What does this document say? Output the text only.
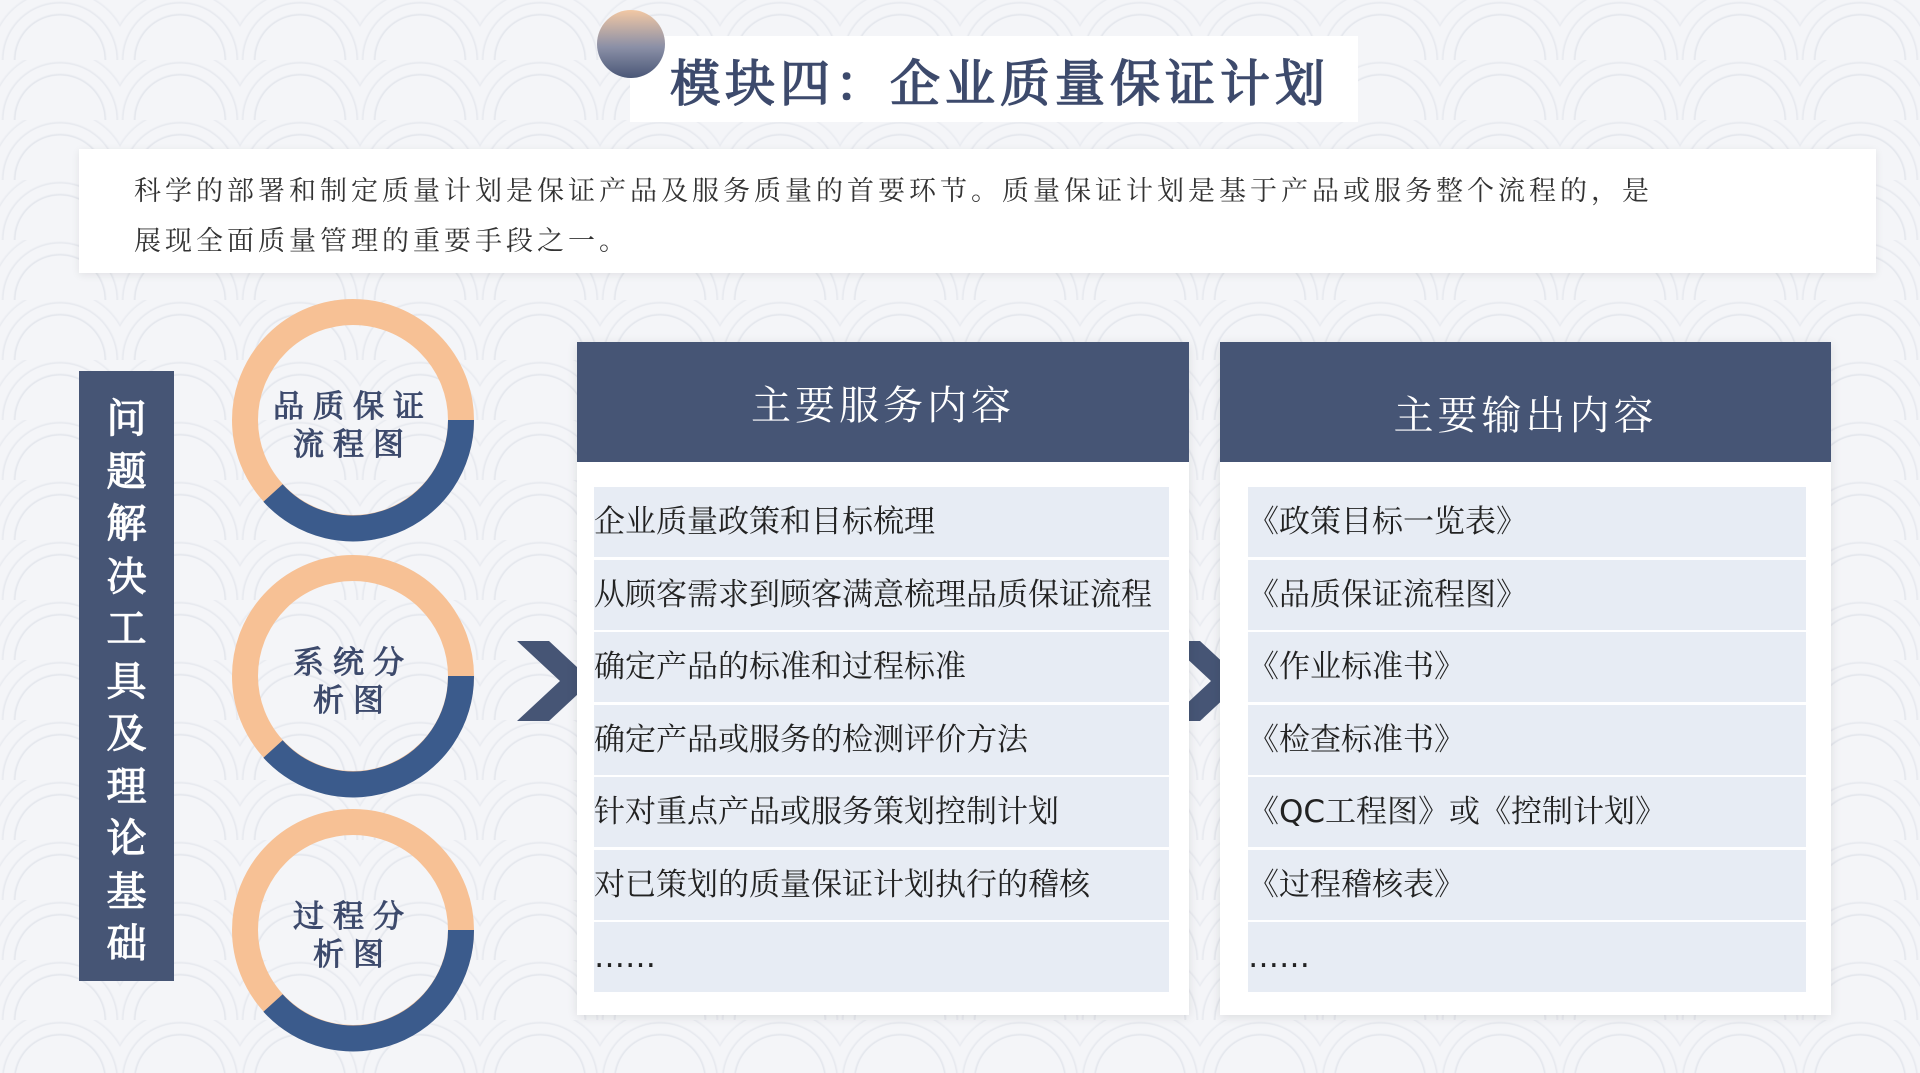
模块四：企业质量保证计划
科学的部署和制定质量计划是保证产品及服务质量的首要环节。质量保证计划是基于产品或服务整个流程的，是
展现全面质量管理的重要手段之一。
问
题
解
决
工
具
及
理
论
基
础
品质保证
流程图
系统分
析图
过程分
析图
主要服务内容
企业质量政策和目标梳理
从顾客需求到顾客满意梳理品质保证流程
确定产品的标准和过程标准
确定产品或服务的检测评价方法
针对重点产品或服务策划控制计划
对已策划的质量保证计划执行的稽核
……
主要输出内容
《政策目标一览表》
《品质保证流程图》
《作业标准书》
《检查标准书》
《QC工程图》或《控制计划》
《过程稽核表》
……
